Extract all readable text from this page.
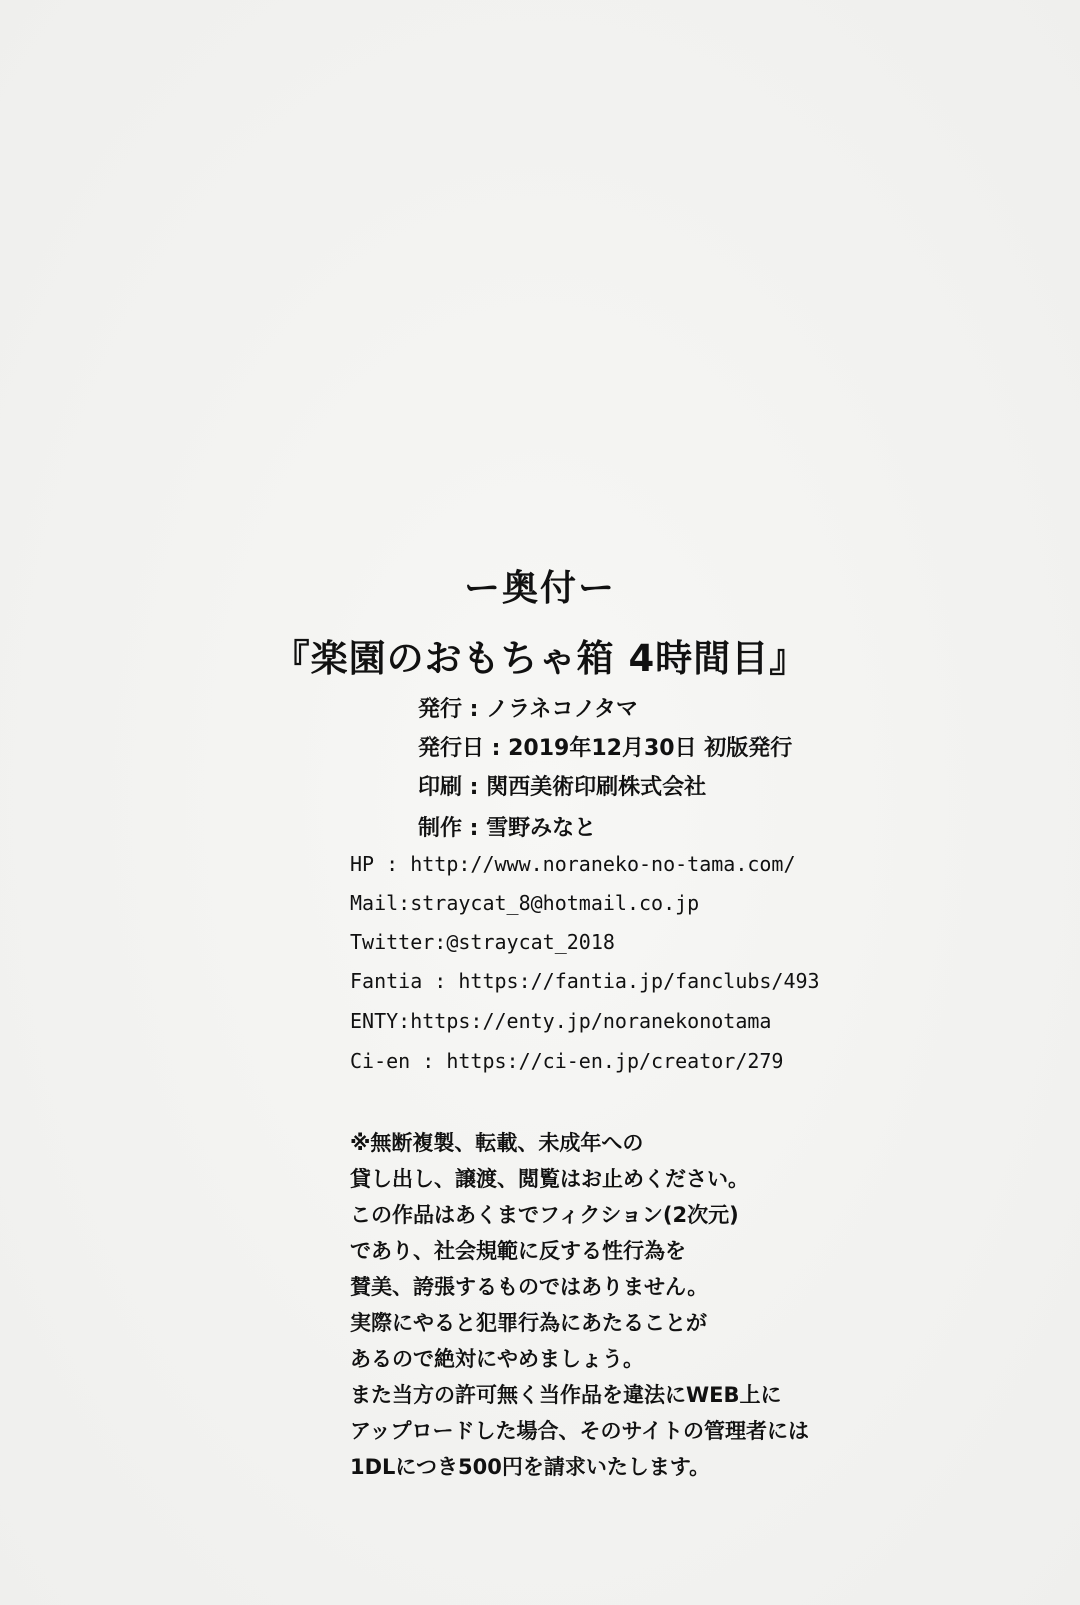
ー奥付ー
『楽園のおもちゃ箱 4時間目』
発行 : ノラネコノタマ
発行日 : 2019年12月30日 初版発行
印刷 : 関西美術印刷株式会社
制作 : 雪野みなと
HP : http://www.noraneko-no-tama.com/
Mail:straycat_8@hotmail.co.jp
Twitter:@straycat_2018
Fantia : https://fantia.jp/fanclubs/493
ENTY:https://enty.jp/noranekonotama
Ci-en : https://ci-en.jp/creator/279
※無断複製、転載、未成年への
貸し出し、譲渡、閲覧はお止めください。
この作品はあくまでフィクション(2次元)
であり、社会規範に反する性行為を
賛美、誇張するものではありません。
実際にやると犯罪行為にあたることが
あるので絶対にやめましょう。
また当方の許可無く当作品を違法にWEB上に
アップロードした場合、そのサイトの管理者には
1DLにつき500円を請求いたします。
